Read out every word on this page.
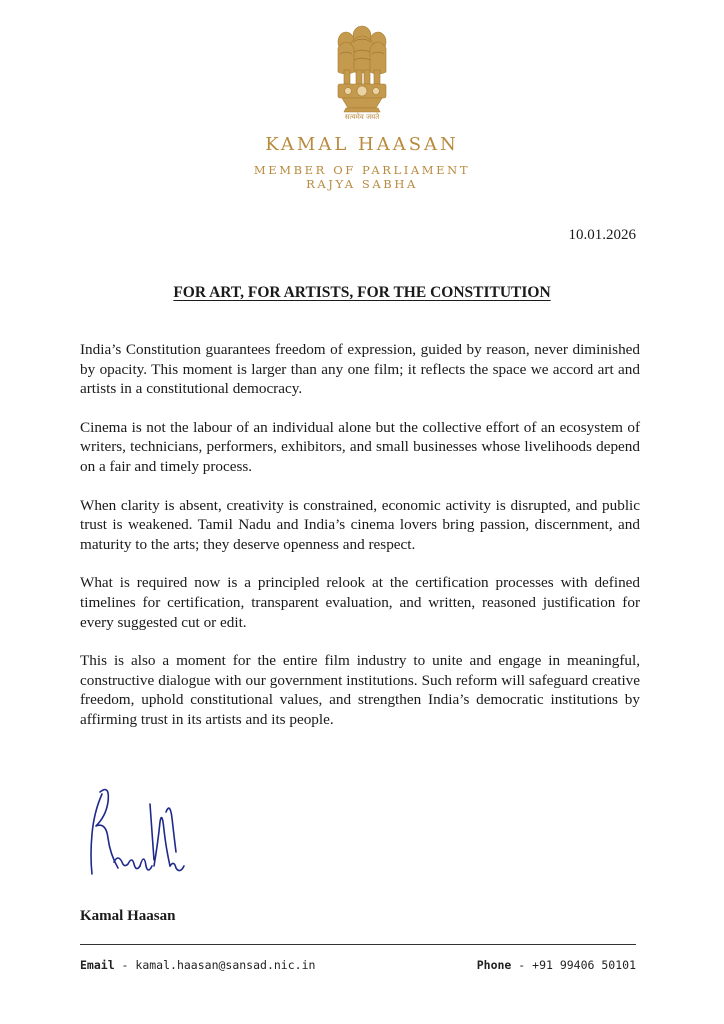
सत्यमेव जयते
KAMAL HAASAN
MEMBER OF PARLIAMENT
RAJYA SABHA
10.01.2026
FOR ART, FOR ARTISTS, FOR THE CONSTITUTION

India’s Constitution guarantees freedom of expression, guided by reason, never diminished by opacity. This moment is larger than any one film; it reflects the space we accord art and artists in a constitutional democracy.

Cinema is not the labour of an individual alone but the collective effort of an ecosystem of writers, technicians, performers, exhibitors, and small businesses whose livelihoods depend on a fair and timely process.

When clarity is absent, creativity is constrained, economic activity is disrupted, and public trust is weakened. Tamil Nadu and India’s cinema lovers bring passion, discernment, and maturity to the arts; they deserve openness and respect.

What is required now is a principled relook at the certification processes with defined timelines for certification, transparent evaluation, and written, reasoned justification for every suggested cut or edit.

This is also a moment for the entire film industry to unite and engage in meaningful, constructive dialogue with our government institutions. Such reform will safeguard creative freedom, uphold constitutional values, and strengthen India’s democratic institutions by affirming trust in its artists and its people.

Kamal Haasan
Email - kamal.haasan@sansad.nic.in	Phone - +91 99406 50101
